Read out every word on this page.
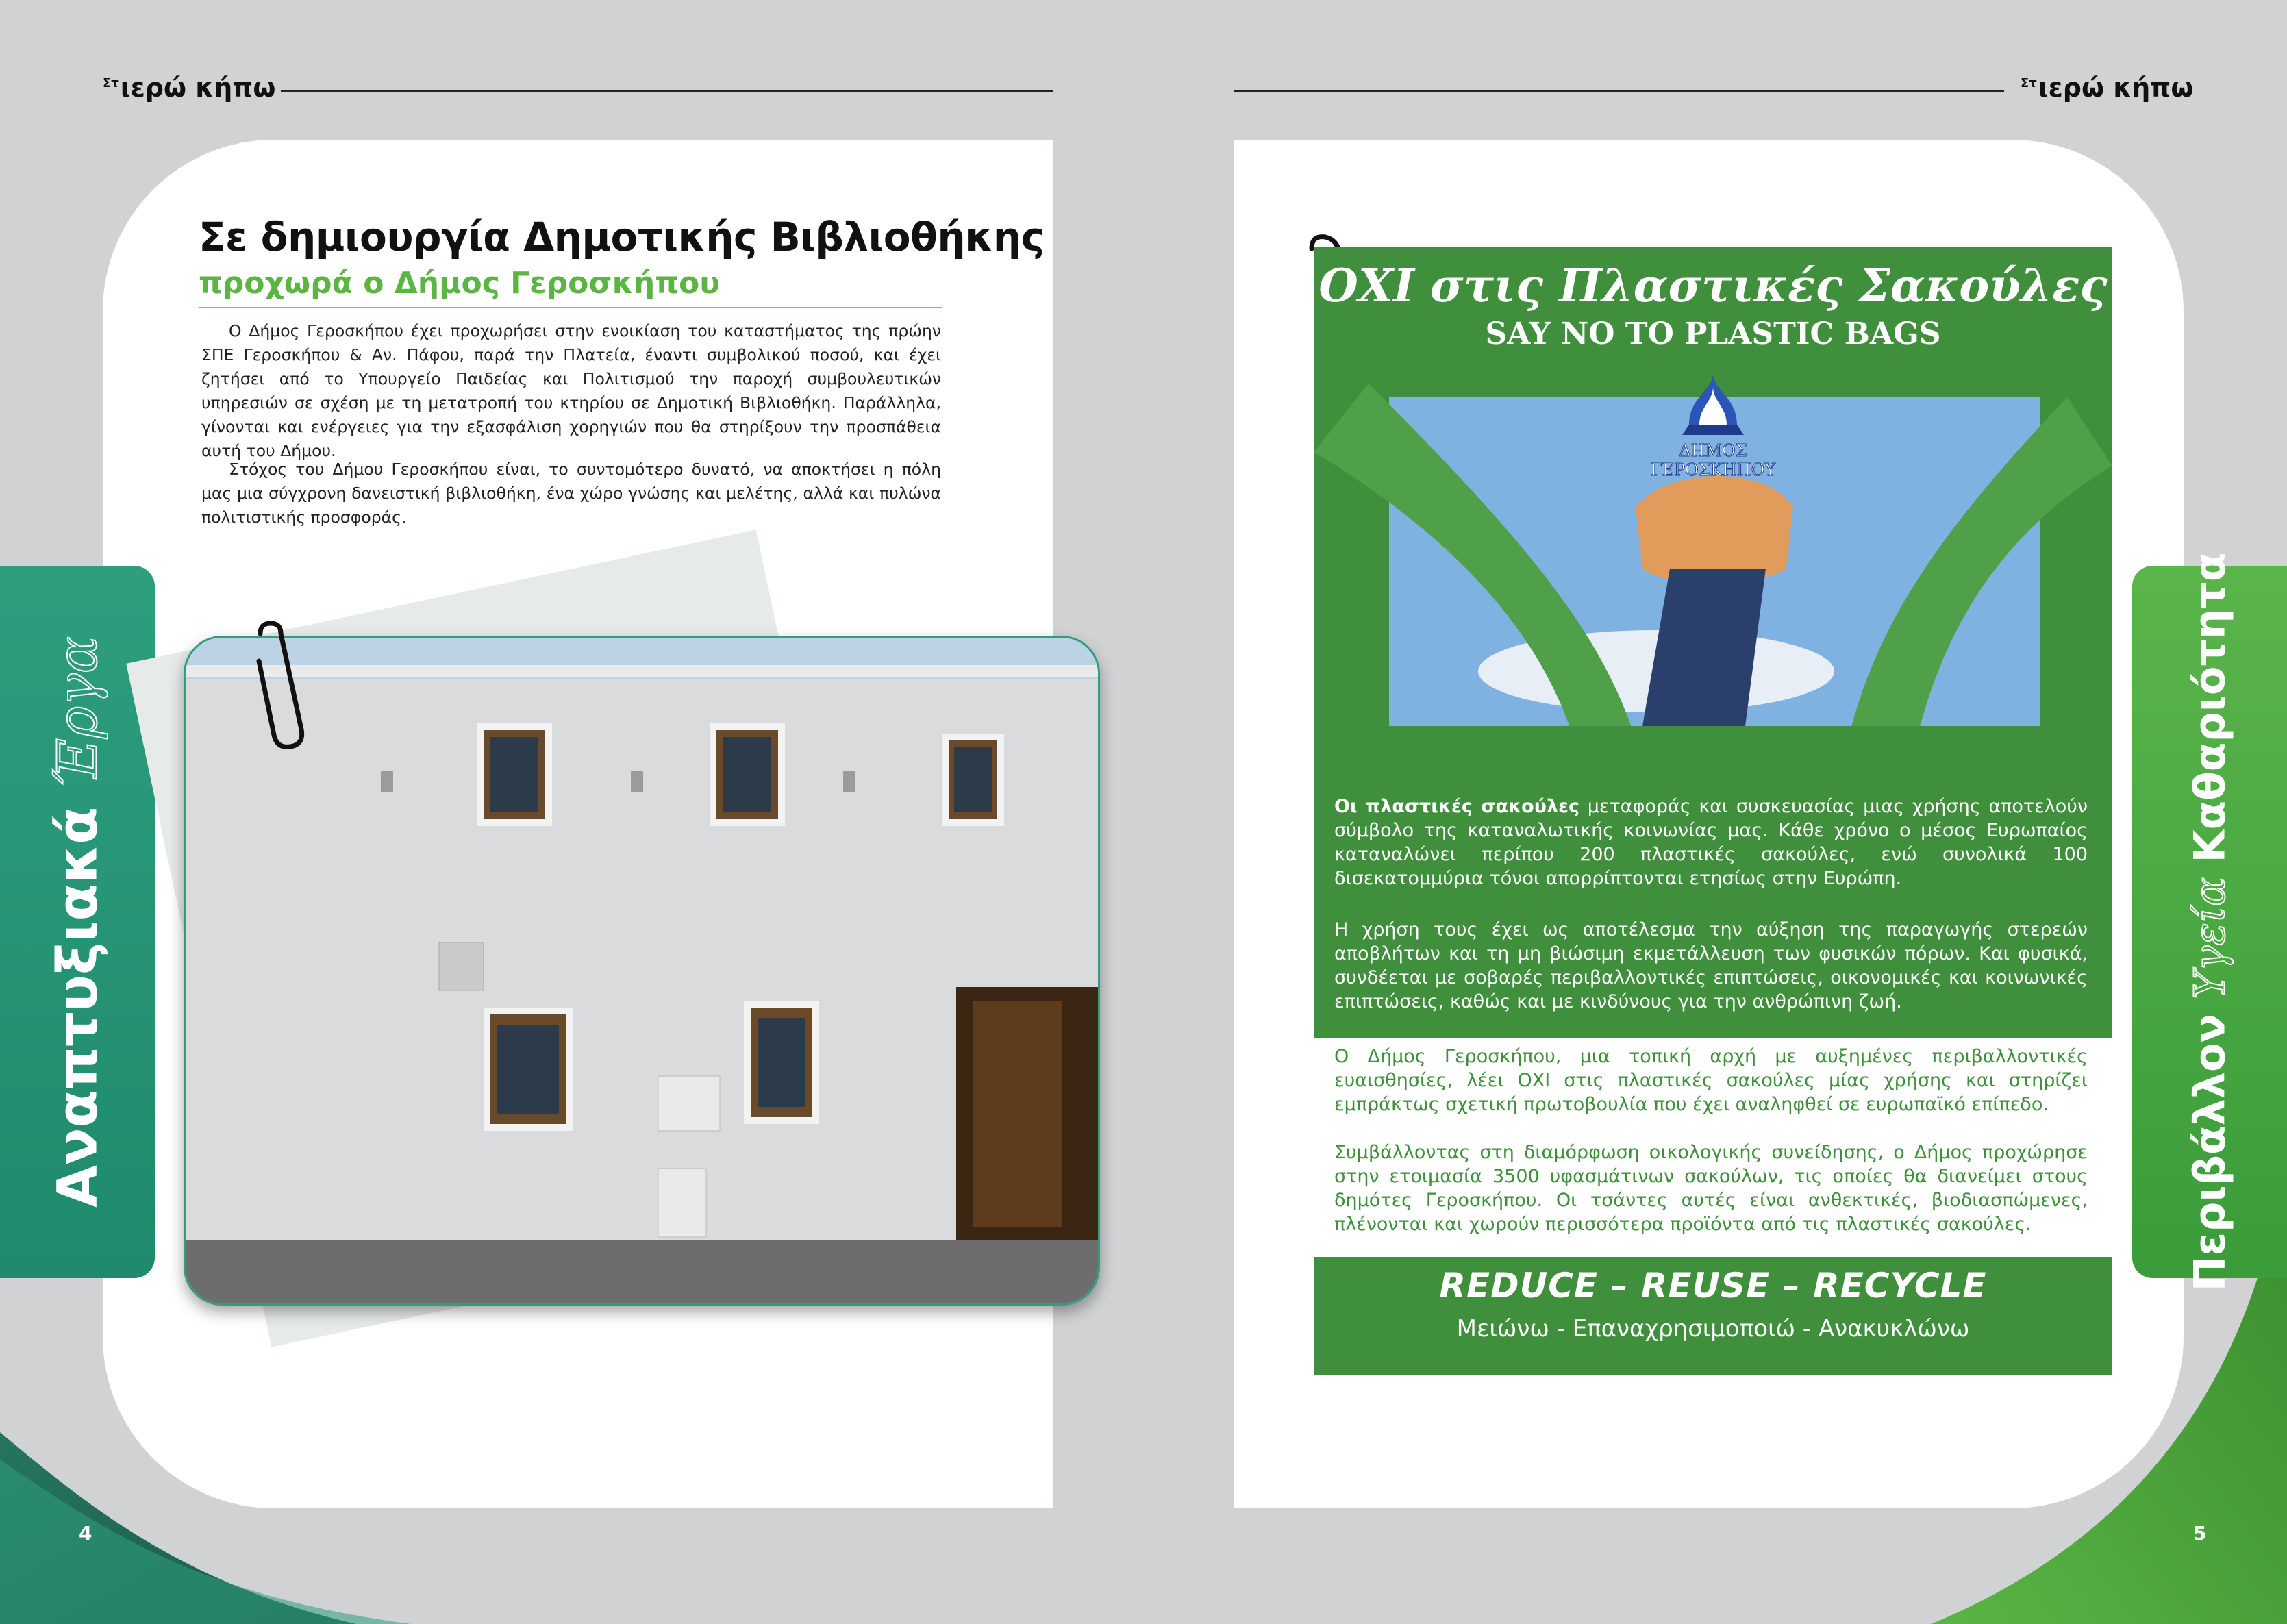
$^{\Sigma\tau}$ιερώ κήπω	$^{\Sigma\tau}$ιερώ κήπω
Αναπτυξιακά Έργα
Περιβάλλον Υγεία Καθαριότητα
Σε δημιουργία Δημοτικής Βιβλιοθήκης
προχωρά ο Δήμος Γεροσκήπου

Ο Δήμος Γεροσκήπου έχει προχωρήσει στην ενοικίαση του καταστήματος της πρώην ΣΠΕ Γεροσκήπου & Αν. Πάφου, παρά την Πλατεία, έναντι συμβολικού ποσού, και έχει ζητήσει από το Υπουργείο Παιδείας και Πολιτισμού την παροχή συμβουλευτικών υπηρεσιών σε σχέση με τη μετατροπή του κτηρίου σε Δημοτική Βιβλιοθήκη. Παράλληλα, γίνονται και ενέργειες για την εξασφάλιση χορηγιών που θα στηρίξουν την προσπάθεια αυτή του Δήμου.

Στόχος του Δήμου Γεροσκήπου είναι, το συντομότερο δυνατό, να αποκτήσει η πόλη μας μια σύγχρονη δανειστική βιβλιοθήκη, ένα χώρο γνώσης και μελέτης, αλλά και πυλώνα πολιτιστικής προσφοράς.

ΟΧΙ στις Πλαστικές Σακούλες
SAY NO TO PLASTIC BAGS
ΔΗΜΟΣ
ΓΕΡΟΣΚΗΠΟΥ
Οι πλαστικές σακούλες μεταφοράς και συσκευασίας μιας χρήσης αποτελούν σύμβολο της καταναλωτικής κοινωνίας μας. Κάθε χρόνο ο μέσος Ευρωπαίος καταναλώνει περίπου 200 πλαστικές σακούλες, ενώ συνολικά 100 δισεκατομμύρια τόνοι απορρίπτονται ετησίως στην Ευρώπη.
Η χρήση τους έχει ως αποτέλεσμα την αύξηση της παραγωγής στερεών αποβλήτων και τη μη βιώσιμη εκμετάλλευση των φυσικών πόρων. Και φυσικά, συνδέεται με σοβαρές περιβαλλοντικές επιπτώσεις, οικονομικές και κοινωνικές επιπτώσεις, καθώς και με κινδύνους για την ανθρώπινη ζωή.
Ο Δήμος Γεροσκήπου, μια τοπική αρχή με αυξημένες περιβαλλοντικές ευαισθησίες, λέει ΟΧΙ στις πλαστικές σακούλες μίας χρήσης και στηρίζει εμπράκτως σχετική πρωτοβουλία που έχει αναληφθεί σε ευρωπαϊκό επίπεδο.
Συμβάλλοντας στη διαμόρφωση οικολογικής συνείδησης, ο Δήμος προχώρησε στην ετοιμασία 3500 υφασμάτινων σακούλων, τις οποίες θα διανείμει στους δημότες Γεροσκήπου. Οι τσάντες αυτές είναι ανθεκτικές, βιοδιασπώμενες, πλένονται και χωρούν περισσότερα προϊόντα από τις πλαστικές σακούλες.
REDUCE – REUSE – RECYCLE
Μειώνω - Επαναχρησιμοποιώ - Ανακυκλώνω
4	5
